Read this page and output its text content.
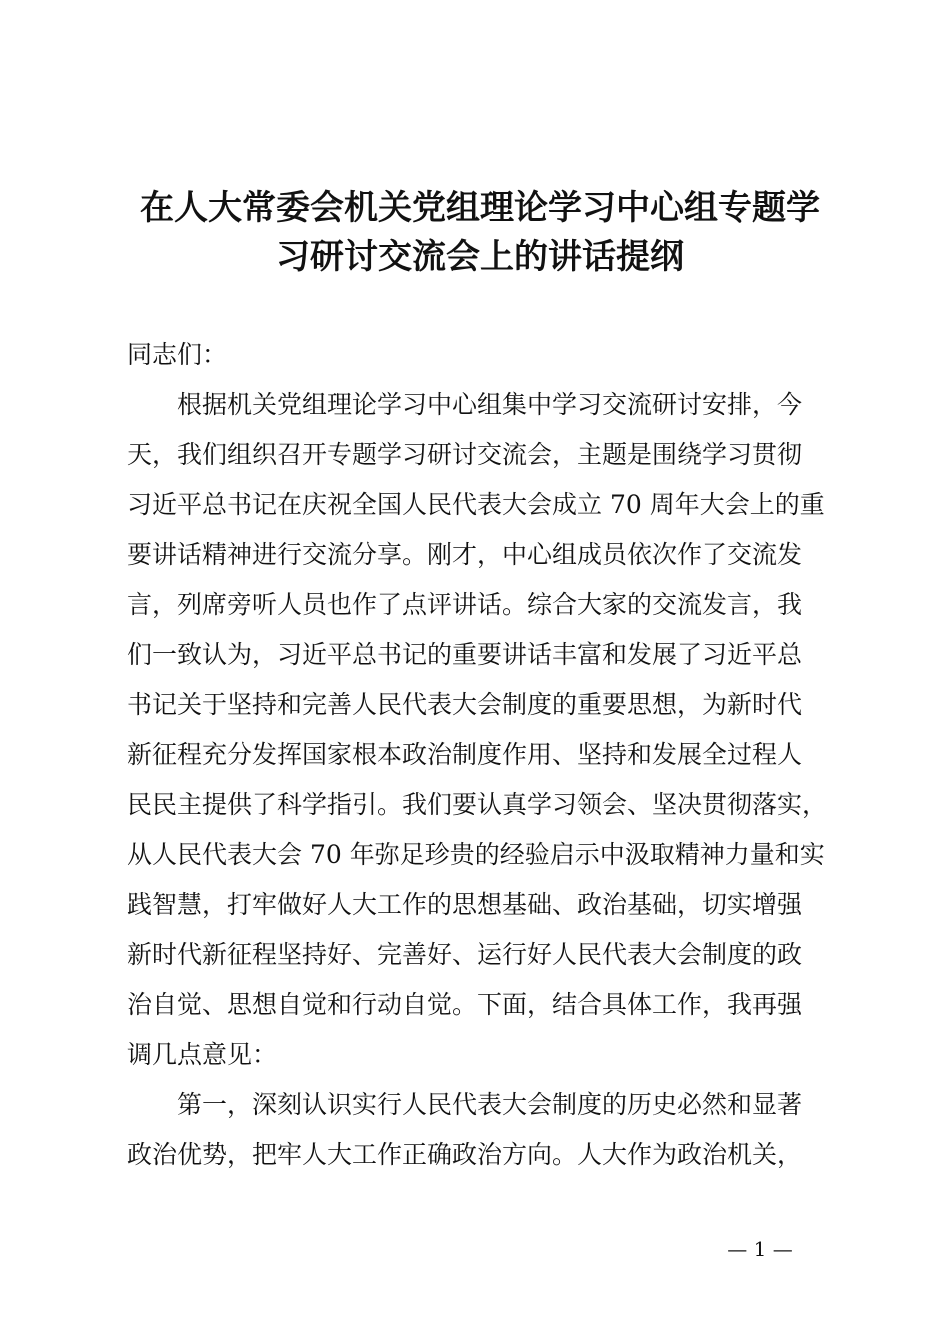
在人大常委会机关党组理论学习中心组专题学
习研讨交流会上的讲话提纲
同志们：
根据机关党组理论学习中心组集中学习交流研讨安排，今
天，我们组织召开专题学习研讨交流会，主题是围绕学习贯彻
习近平总书记在庆祝全国人民代表大会成立 70 周年大会上的重
要讲话精神进行交流分享。刚才，中心组成员依次作了交流发
言，列席旁听人员也作了点评讲话。综合大家的交流发言，我
们一致认为，习近平总书记的重要讲话丰富和发展了习近平总
书记关于坚持和完善人民代表大会制度的重要思想，为新时代
新征程充分发挥国家根本政治制度作用、坚持和发展全过程人
民民主提供了科学指引。我们要认真学习领会、坚决贯彻落实，
从人民代表大会 70 年弥足珍贵的经验启示中汲取精神力量和实
践智慧，打牢做好人大工作的思想基础、政治基础，切实增强
新时代新征程坚持好、完善好、运行好人民代表大会制度的政
治自觉、思想自觉和行动自觉。下面，结合具体工作，我再强
调几点意见：
第一，深刻认识实行人民代表大会制度的历史必然和显著
政治优势，把牢人大工作正确政治方向。人大作为政治机关，
— 1 —
